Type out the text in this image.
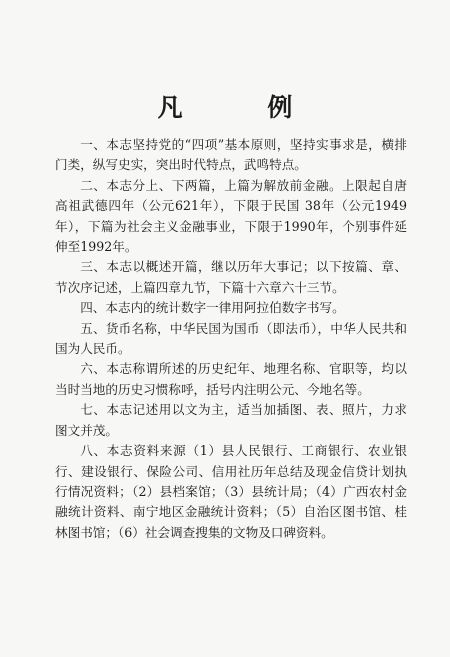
凡 例

一、本志坚持党的“四项”基本原则，坚持实事求是，横排门类，纵写史实，突出时代特点，武鸣特点。

二、本志分上、下两篇，上篇为解放前金融。上限起自唐高祖武德四年（公元621年），下限于民国 38年（公元1949年），下篇为社会主义金融事业，下限于1990年，个别事件延伸至1992年。

三、本志以概述开篇，继以历年大事记；以下按篇、章、节次序记述，上篇四章九节，下篇十六章六十三节。

四、本志内的统计数字一律用阿拉伯数字书写。

五、货币名称，中华民国为国币（即法币），中华人民共和国为人民币。

六、本志称谓所述的历史纪年、地理名称、官职等，均以当时当地的历史习惯称呼，括号内注明公元、今地名等。

七、本志记述用以文为主，适当加插图、表、照片，力求图文并茂。

八、本志资料来源（1）县人民银行、工商银行、农业银行、建设银行、保险公司、信用社历年总结及现金信贷计划执行情况资料；（2）县档案馆；（3）县统计局；（4）广西农村金融统计资料、南宁地区金融统计资料；（5）自治区图书馆、桂林图书馆；（6）社会调查搜集的文物及口碑资料。
